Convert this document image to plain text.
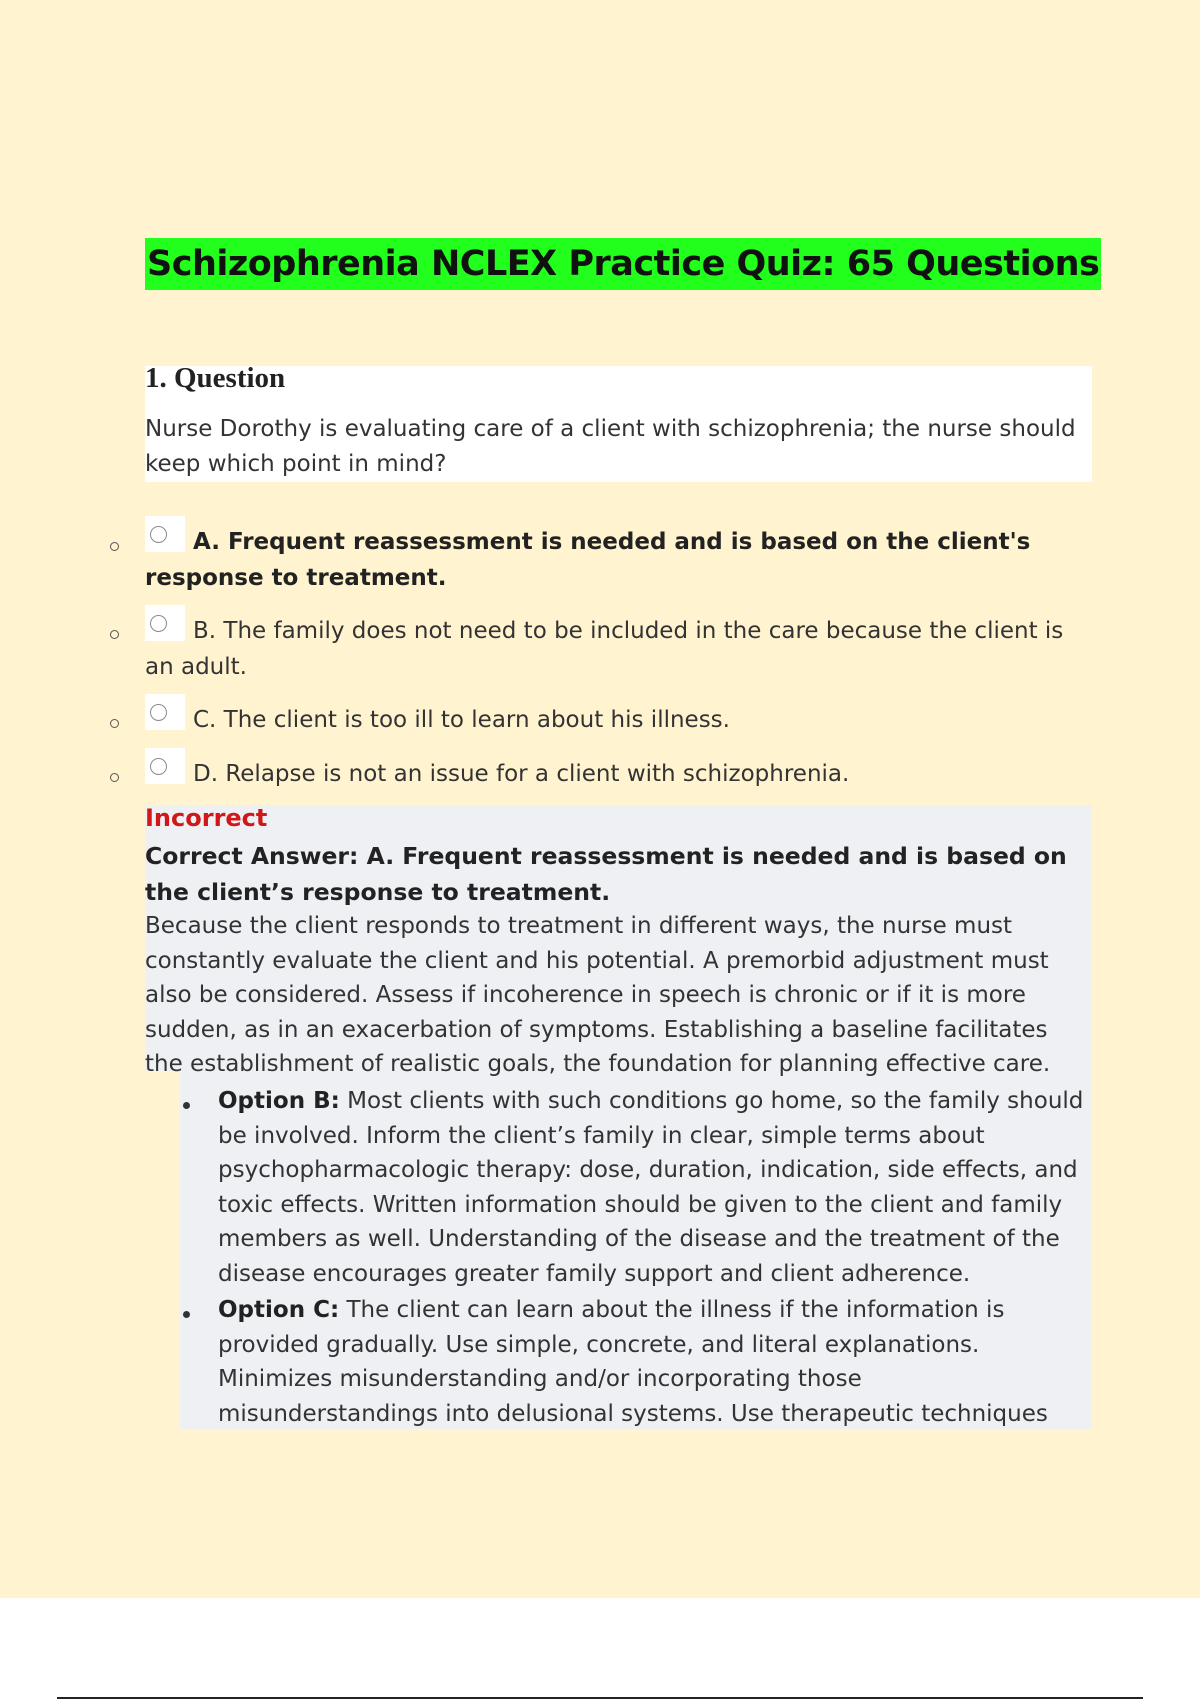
Schizophrenia NCLEX Practice Quiz: 65 Questions
1. Question
Nurse Dorothy is evaluating care of a client with schizophrenia; the nurse should keep which point in mind?
A. Frequent reassessment is needed and is based on the client's response to treatment.
B. The family does not need to be included in the care because the client is an adult.
C. The client is too ill to learn about his illness.
D. Relapse is not an issue for a client with schizophrenia.
Incorrect
Correct Answer: A. Frequent reassessment is needed and is based on the client’s response to treatment.
Because the client responds to treatment in different ways, the nurse must constantly evaluate the client and his potential. A premorbid adjustment must also be considered. Assess if incoherence in speech is chronic or if it is more sudden, as in an exacerbation of symptoms. Establishing a baseline facilitates the establishment of realistic goals, the foundation for planning effective care.
Option B: Most clients with such conditions go home, so the family should be involved. Inform the client’s family in clear, simple terms about psychopharmacologic therapy: dose, duration, indication, side effects, and toxic effects. Written information should be given to the client and family members as well. Understanding of the disease and the treatment of the disease encourages greater family support and client adherence.
Option C: The client can learn about the illness if the information is provided gradually. Use simple, concrete, and literal explanations. Minimizes misunderstanding and/or incorporating those misunderstandings into delusional systems. Use therapeutic techniques
